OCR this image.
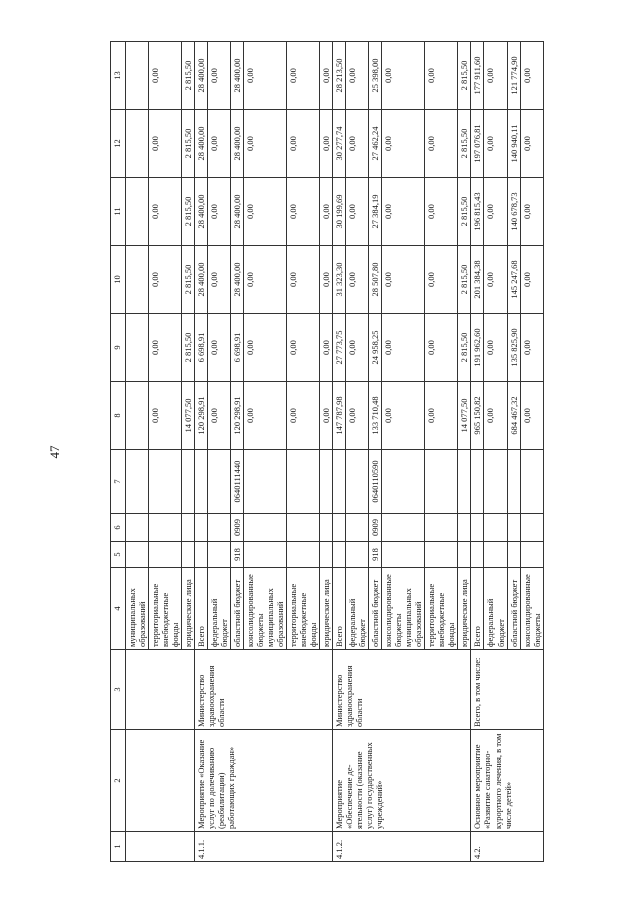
47
1	2	3	4	5	6	7	8	9	10	11	12	13
			муниципальных образований									
			территориальные внебюджетные фонды				0,00	0,00	0,00	0,00	0,00	0,00
			юридические лица				14 077,50	2 815,50	2 815,50	2 815,50	2 815,50	2 815,50
4.1.1.	Мероприятие «Оказание услуг по долечиванию (реабилитации) работающих граждан»	Министерство здравоохранения области	Всего				120 298,91	6 698,91	28 400,00	28 400,00	28 400,00	28 400,00
			федеральный бюджет				0,00	0,00	0,00	0,00	0,00	0,00
			областной бюджет	918	0909	0640111440	120 298,91	6 698,91	28 400,00	28 400,00	28 400,00	28 400,00
			консолидированные бюджеты муниципальных образований				0,00	0,00	0,00	0,00	0,00	0,00
			территориальные внебюджетные фонды				0,00	0,00	0,00	0,00	0,00	0,00
			юридические лица				0,00	0,00	0,00	0,00	0,00	0,00
4.1.2.	Мероприятие «Обеспечение деятельности (оказание услуг) государственных учреждений»	Министерство здравоохранения области	Всего				147 787,98	27 773,75	31 323,30	30 199,69	30 277,74	28 213,50
			федеральный бюджет				0,00	0,00	0,00	0,00	0,00	0,00
			областной бюджет	918	0909	0640110590	133 710,48	24 958,25	28 507,80	27 384,19	27 462,24	25 398,00
			консолидированные бюджеты муниципальных образований				0,00	0,00	0,00	0,00	0,00	0,00
			территориальные внебюджетные фонды				0,00	0,00	0,00	0,00	0,00	0,00
			юридические лица				14 077,50	2 815,50	2 815,50	2 815,50	2 815,50	2 815,50
4.2.	Основное мероприятие «Развитие санаторно-курортного лечения, в том числе детей»	Всего, в том числе:	Всего				965 150,82	191 962,60	201 384,38	196 815,43	197 076,81	177 911,60
			федеральный бюджет				0,00	0,00	0,00	0,00	0,00	0,00
			областной бюджет				684 467,32	135 825,90	145 247,68	140 678,73	140 940,11	121 774,90
			консолидированные бюджеты				0,00	0,00	0,00	0,00	0,00	0,00
